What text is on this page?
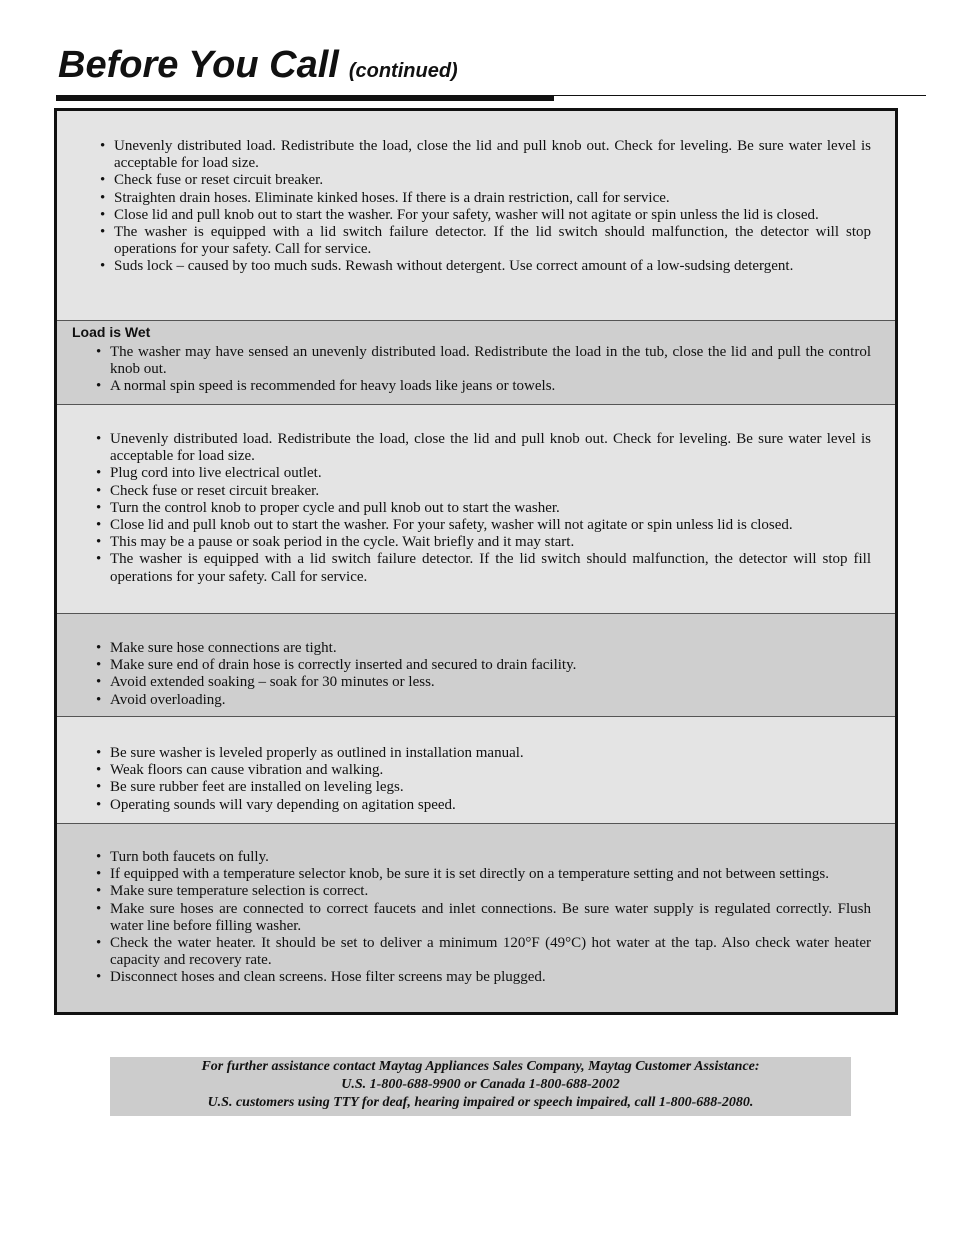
Before You Call (continued)
• Unevenly distributed load. Redistribute the load, close the lid and pull knob out. Check for leveling. Be sure water level is acceptable for load size.
• Check fuse or reset circuit breaker.
• Straighten drain hoses. Eliminate kinked hoses. If there is a drain restriction, call for service.
• Close lid and pull knob out to start the washer. For your safety, washer will not agitate or spin unless the lid is closed.
• The washer is equipped with a lid switch failure detector. If the lid switch should malfunction, the detector will stop operations for your safety. Call for service.
• Suds lock – caused by too much suds. Rewash without detergent. Use correct amount of a low-sudsing detergent.
Load is Wet
• The washer may have sensed an unevenly distributed load. Redistribute the load in the tub, close the lid and pull the control knob out.
• A normal spin speed is recommended for heavy loads like jeans or towels.
• Unevenly distributed load. Redistribute the load, close the lid and pull knob out. Check for leveling. Be sure water level is acceptable for load size.
• Plug cord into live electrical outlet.
• Check fuse or reset circuit breaker.
• Turn the control knob to proper cycle and pull knob out to start the washer.
• Close lid and pull knob out to start the washer. For your safety, washer will not agitate or spin unless lid is closed.
• This may be a pause or soak period in the cycle. Wait briefly and it may start.
• The washer is equipped with a lid switch failure detector. If the lid switch should malfunction, the detector will stop fill operations for your safety. Call for service.
• Make sure hose connections are tight.
• Make sure end of drain hose is correctly inserted and secured to drain facility.
• Avoid extended soaking – soak for 30 minutes or less.
• Avoid overloading.
• Be sure washer is leveled properly as outlined in installation manual.
• Weak floors can cause vibration and walking.
• Be sure rubber feet are installed on leveling legs.
• Operating sounds will vary depending on agitation speed.
• Turn both faucets on fully.
• If equipped with a temperature selector knob, be sure it is set directly on a temperature setting and not between settings.
• Make sure temperature selection is correct.
• Make sure hoses are connected to correct faucets and inlet connections. Be sure water supply is regulated correctly. Flush water line before filling washer.
• Check the water heater. It should be set to deliver a minimum 120°F (49°C) hot water at the tap. Also check water heater capacity and recovery rate.
• Disconnect hoses and clean screens. Hose filter screens may be plugged.
For further assistance contact Maytag Appliances Sales Company, Maytag Customer Assistance:
U.S. 1-800-688-9900 or Canada 1-800-688-2002
U.S. customers using TTY for deaf, hearing impaired or speech impaired, call 1-800-688-2080.
